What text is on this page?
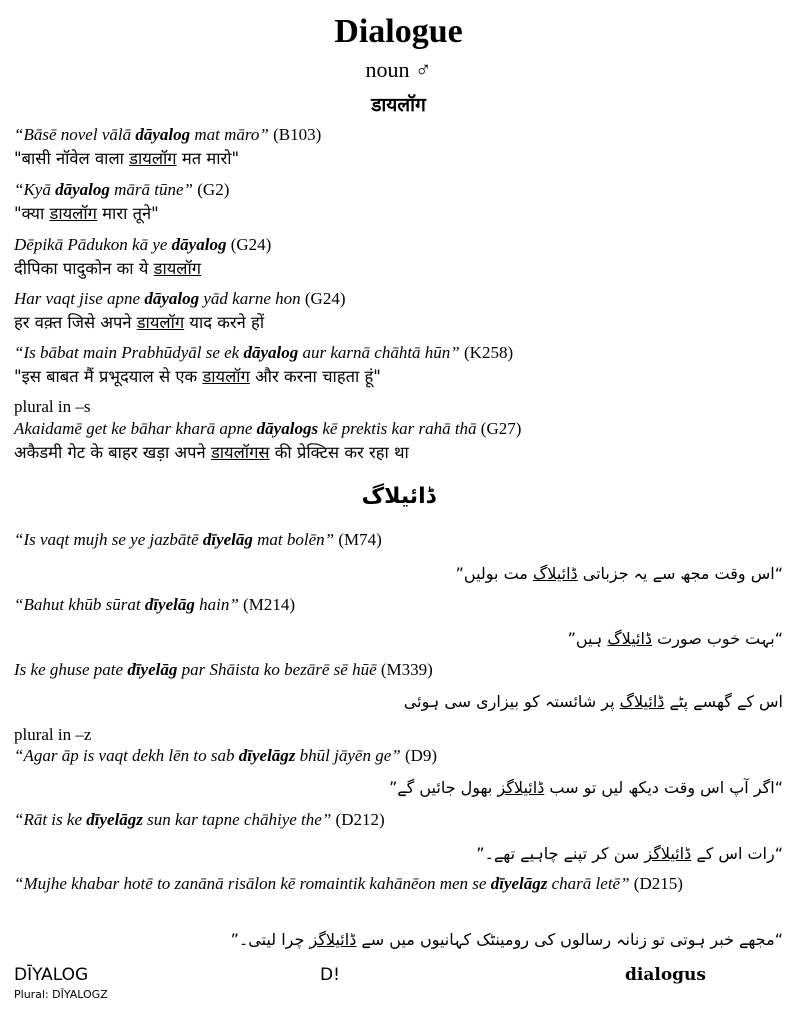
Dialogue
noun ♂
डायलॉग
“Bāsē novel vālā dāyalog mat māro” (B103)
"बासी नॉवेल वाला डायलॉग मत मारो"
“Kyā dāyalog mārā tūne” (G2)
"क्या डायलॉग मारा तूने"
Dēpikā Pādukon kā ye dāyalog (G24)
दीपिका पादुकोन का ये डायलॉग
Har vaqt jise apne dāyalog yād karne hon (G24)
हर वक़्त जिसे अपने डायलॉग याद करने हों
“Is bābat main Prabhūdyāl se ek dāyalog aur karnā chāhtā hūn” (K258)
"इस बाबत मैं प्रभूदयाल से एक डायलॉग और करना चाहता हूं"
plural in –s
Akaidamē get ke bāhar kharā apne dāyalogs kē prektis kar rahā thā (G27)
अकैडमी गेट के बाहर खड़ा अपने डायलॉगस की प्रेक्टिस कर रहा था
ڈائیلاگ
“Is vaqt mujh se ye jazbātē dīyelāg mat bolēn” (M74)
“اس وقت مجھ سے یہ جزباتی ڈائیلاگ مت بولیں”
“Bahut khūb sūrat dīyelāg hain” (M214)
“بہت خوب صورت ڈائیلاگ ہیں”
Is ke ghuse pate dīyelāg par Shāista ko bezārē sē hūē (M339)
اس کے گھسے پٹے ڈائیلاگ پر شائستہ کو بیزاری سی ہوئی
plural in –z
“Agar āp is vaqt dekh lēn to sab dīyelāgz bhūl jāyēn ge” (D9)
“اگر آپ اس وقت دیکھ لیں تو سب ڈائیلاگز بھول جائیں گے”
“Rāt is ke dīyelāgz sun kar tapne chāhiye the” (D212)
“رات اس کے ڈائیلاگز سن کر تپنے چاہیے تھے۔”
“Mujhe khabar hotē to zanānā risālon kē romaintik kahānēon men se dīyelāgz charā letē” (D215)
“مجھے خبر ہوتی تو زنانہ رسالوں کی رومینٹک کہانیوں میں سے ڈائیلاگز چرا لیتی۔”
DĪYALOG	D!	dialogus
Plural: DĪYALOGZ
